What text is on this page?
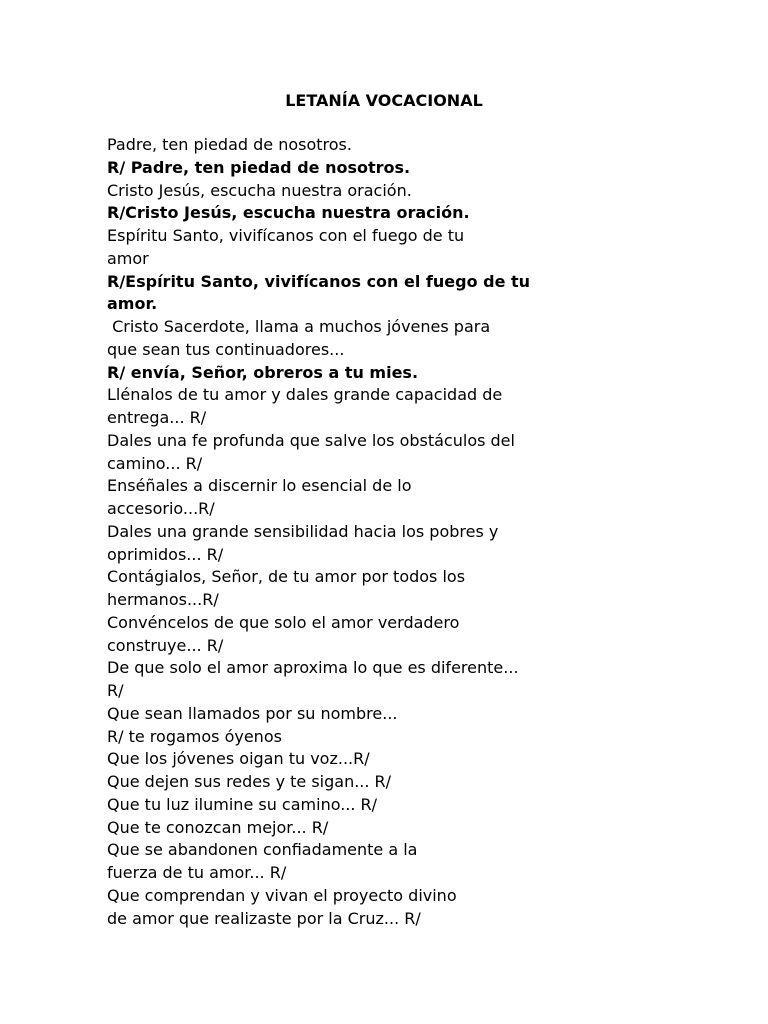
LETANÍA VOCACIONAL
Padre, ten piedad de nosotros.
R/ Padre, ten piedad de nosotros.
Cristo Jesús, escucha nuestra oración.
R/Cristo Jesús, escucha nuestra oración.
Espíritu Santo, vivifícanos con el fuego de tu
amor
R/Espíritu Santo, vivifícanos con el fuego de tu
amor.
Cristo Sacerdote, llama a muchos jóvenes para
que sean tus continuadores...
R/ envía, Señor, obreros a tu mies.
Llénalos de tu amor y dales grande capacidad de
entrega... R/
Dales una fe profunda que salve los obstáculos del
camino... R/
Enséñales a discernir lo esencial de lo
accesorio...R/
Dales una grande sensibilidad hacia los pobres y
oprimidos... R/
Contágialos, Señor, de tu amor por todos los
hermanos...R/
Convéncelos de que solo el amor verdadero
construye... R/
De que solo el amor aproxima lo que es diferente...
R/
Que sean llamados por su nombre...
R/ te rogamos óyenos
Que los jóvenes oigan tu voz...R/
Que dejen sus redes y te sigan... R/
Que tu luz ilumine su camino... R/
Que te conozcan mejor... R/
Que se abandonen confiadamente a la
fuerza de tu amor... R/
Que comprendan y vivan el proyecto divino
de amor que realizaste por la Cruz... R/
